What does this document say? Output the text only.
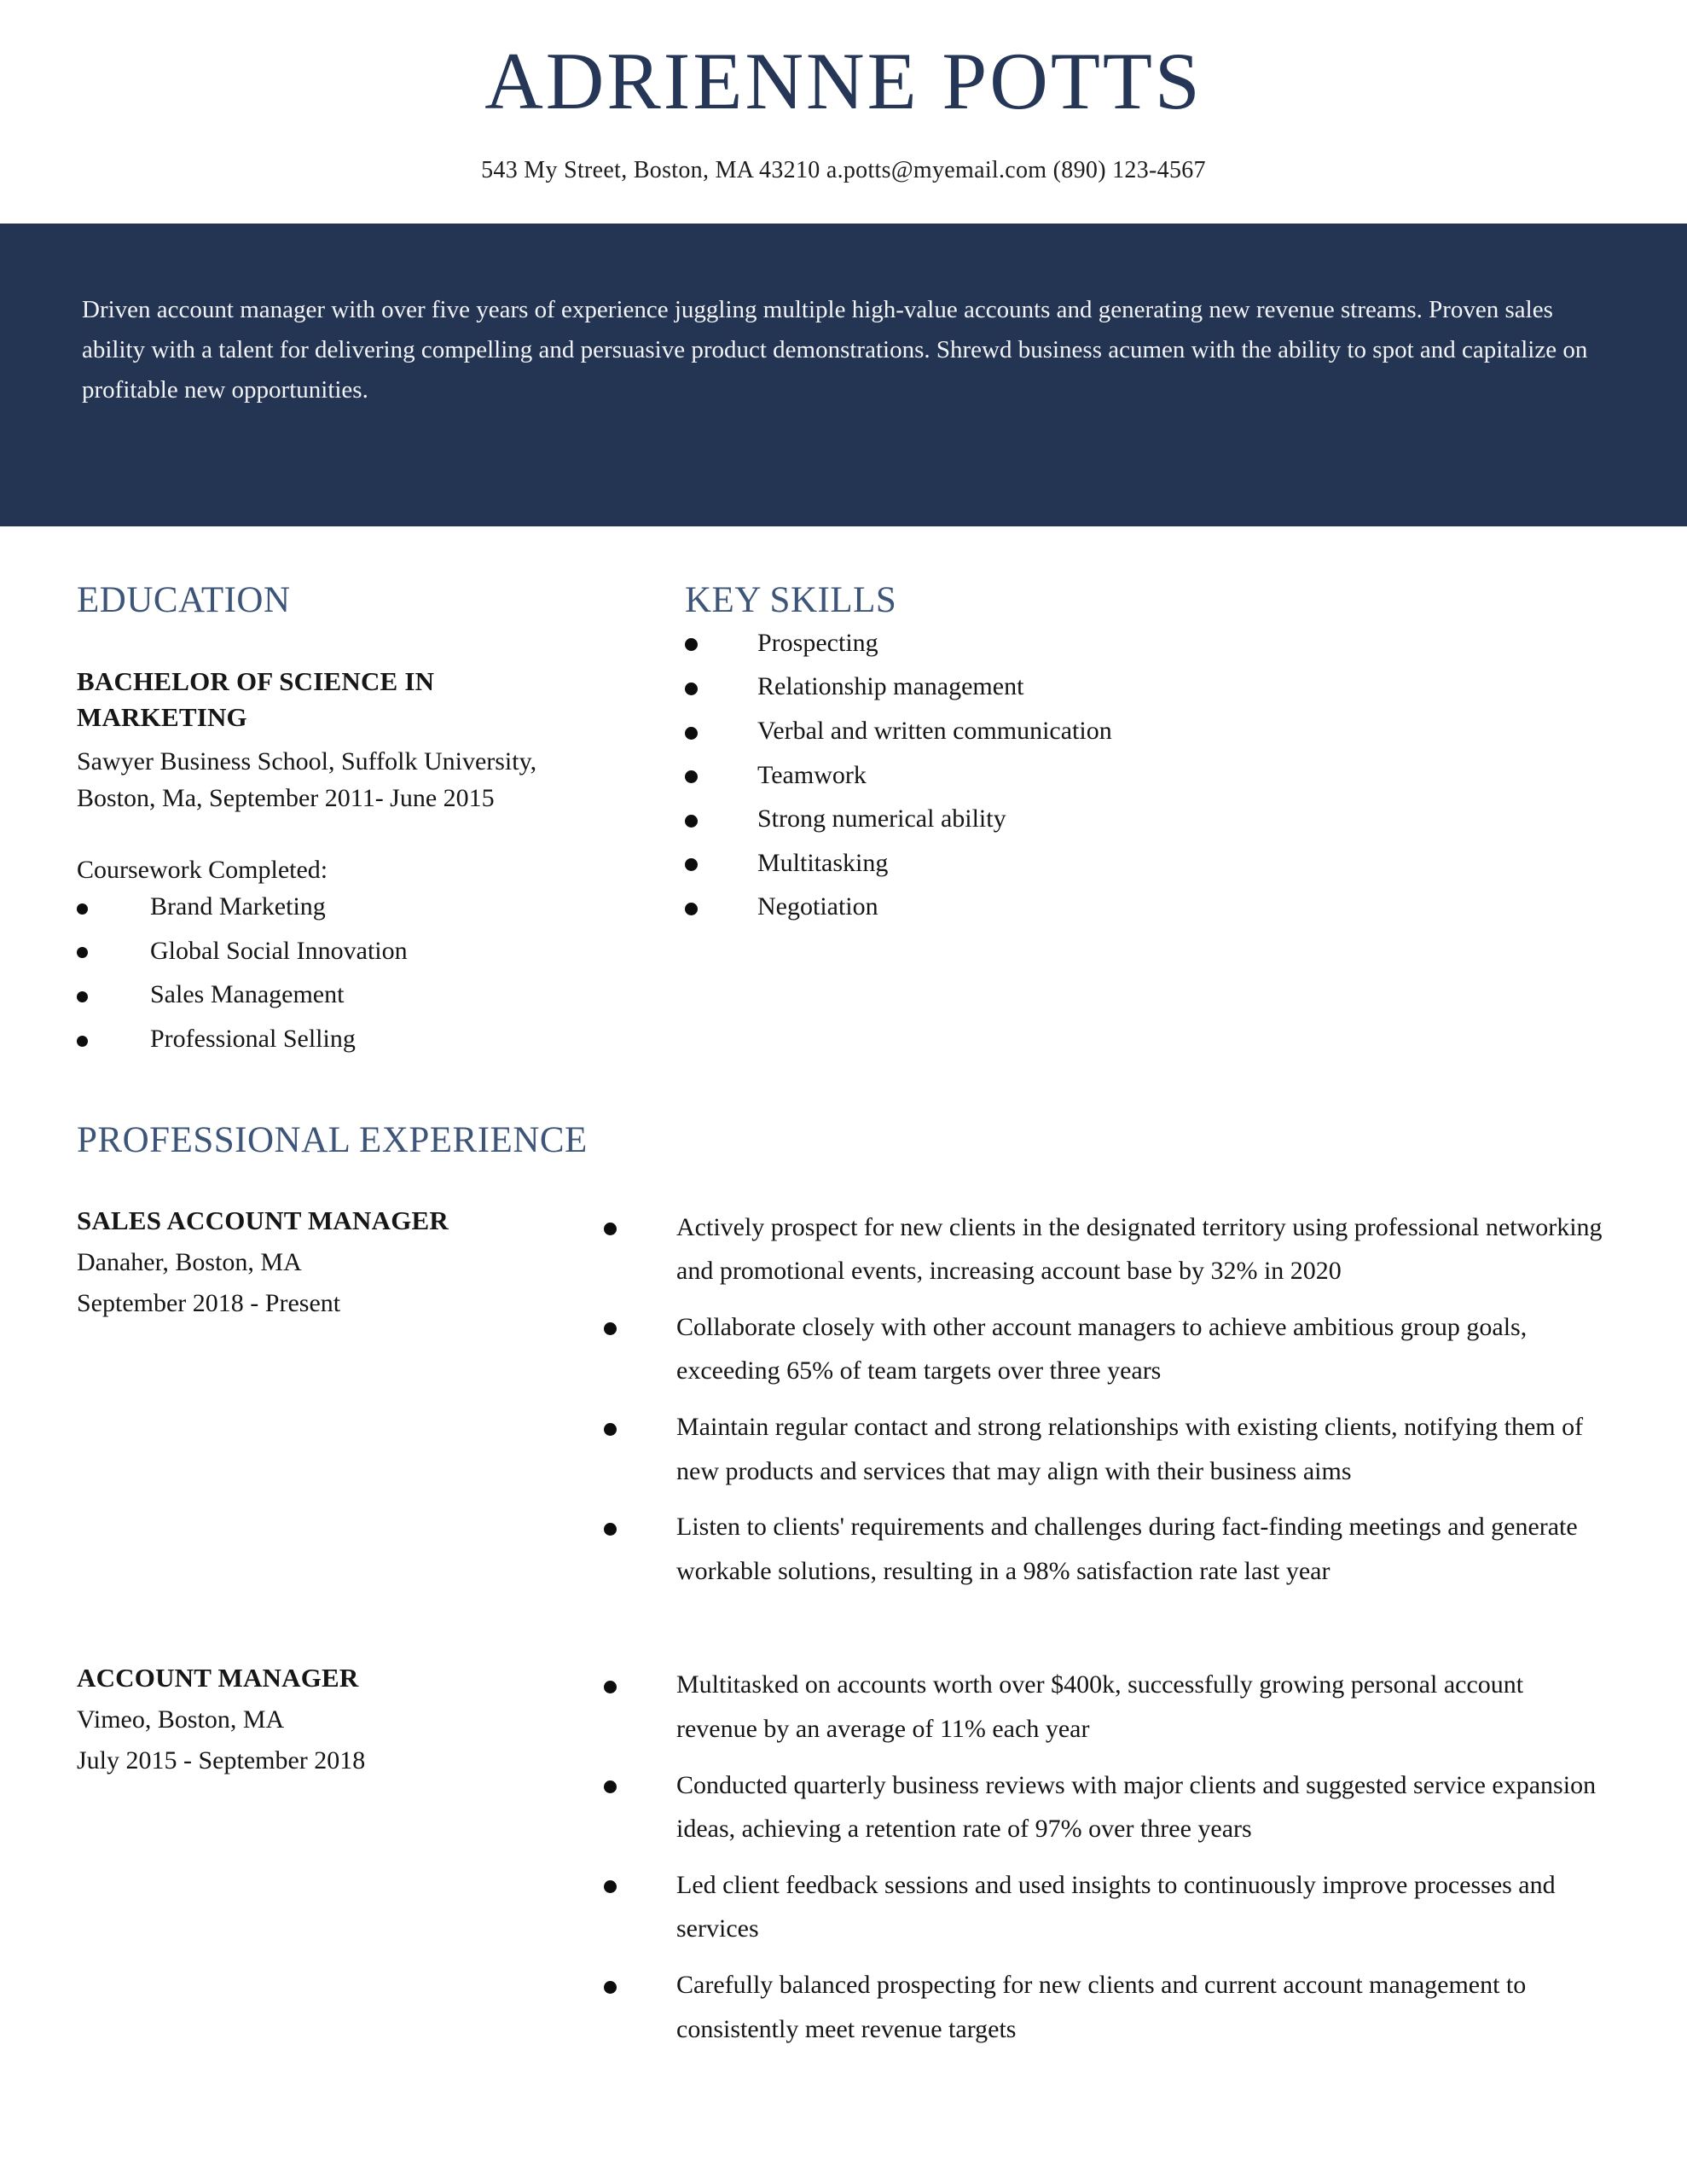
ADRIENNE POTTS
543 My Street, Boston, MA 43210 a.potts@myemail.com (890) 123-4567

Driven account manager with over five years of experience juggling multiple high-value accounts and generating new revenue streams. Proven sales ability with a talent for delivering compelling and persuasive product demonstrations. Shrewd business acumen with the ability to spot and capitalize on profitable new opportunities.

EDUCATION
BACHELOR OF SCIENCE IN MARKETING
Sawyer Business School, Suffolk University, Boston, Ma, September 2011- June 2015
Coursework Completed:
Brand Marketing
Global Social Innovation
Sales Management
Professional Selling
KEY SKILLS
Prospecting
Relationship management
Verbal and written communication
Teamwork
Strong numerical ability
Multitasking
Negotiation
PROFESSIONAL EXPERIENCE
SALES ACCOUNT MANAGER
Danaher, Boston, MA
September 2018 - Present
Actively prospect for new clients in the designated territory using professional networking and promotional events, increasing account base by 32% in 2020
Collaborate closely with other account managers to achieve ambitious group goals, exceeding 65% of team targets over three years
Maintain regular contact and strong relationships with existing clients, notifying them of new products and services that may align with their business aims
Listen to clients' requirements and challenges during fact-finding meetings and generate workable solutions, resulting in a 98% satisfaction rate last year
ACCOUNT MANAGER
Vimeo, Boston, MA
July 2015 - September 2018
Multitasked on accounts worth over $400k, successfully growing personal account revenue by an average of 11% each year
Conducted quarterly business reviews with major clients and suggested service expansion ideas, achieving a retention rate of 97% over three years
Led client feedback sessions and used insights to continuously improve processes and services
Carefully balanced prospecting for new clients and current account management to consistently meet revenue targets
